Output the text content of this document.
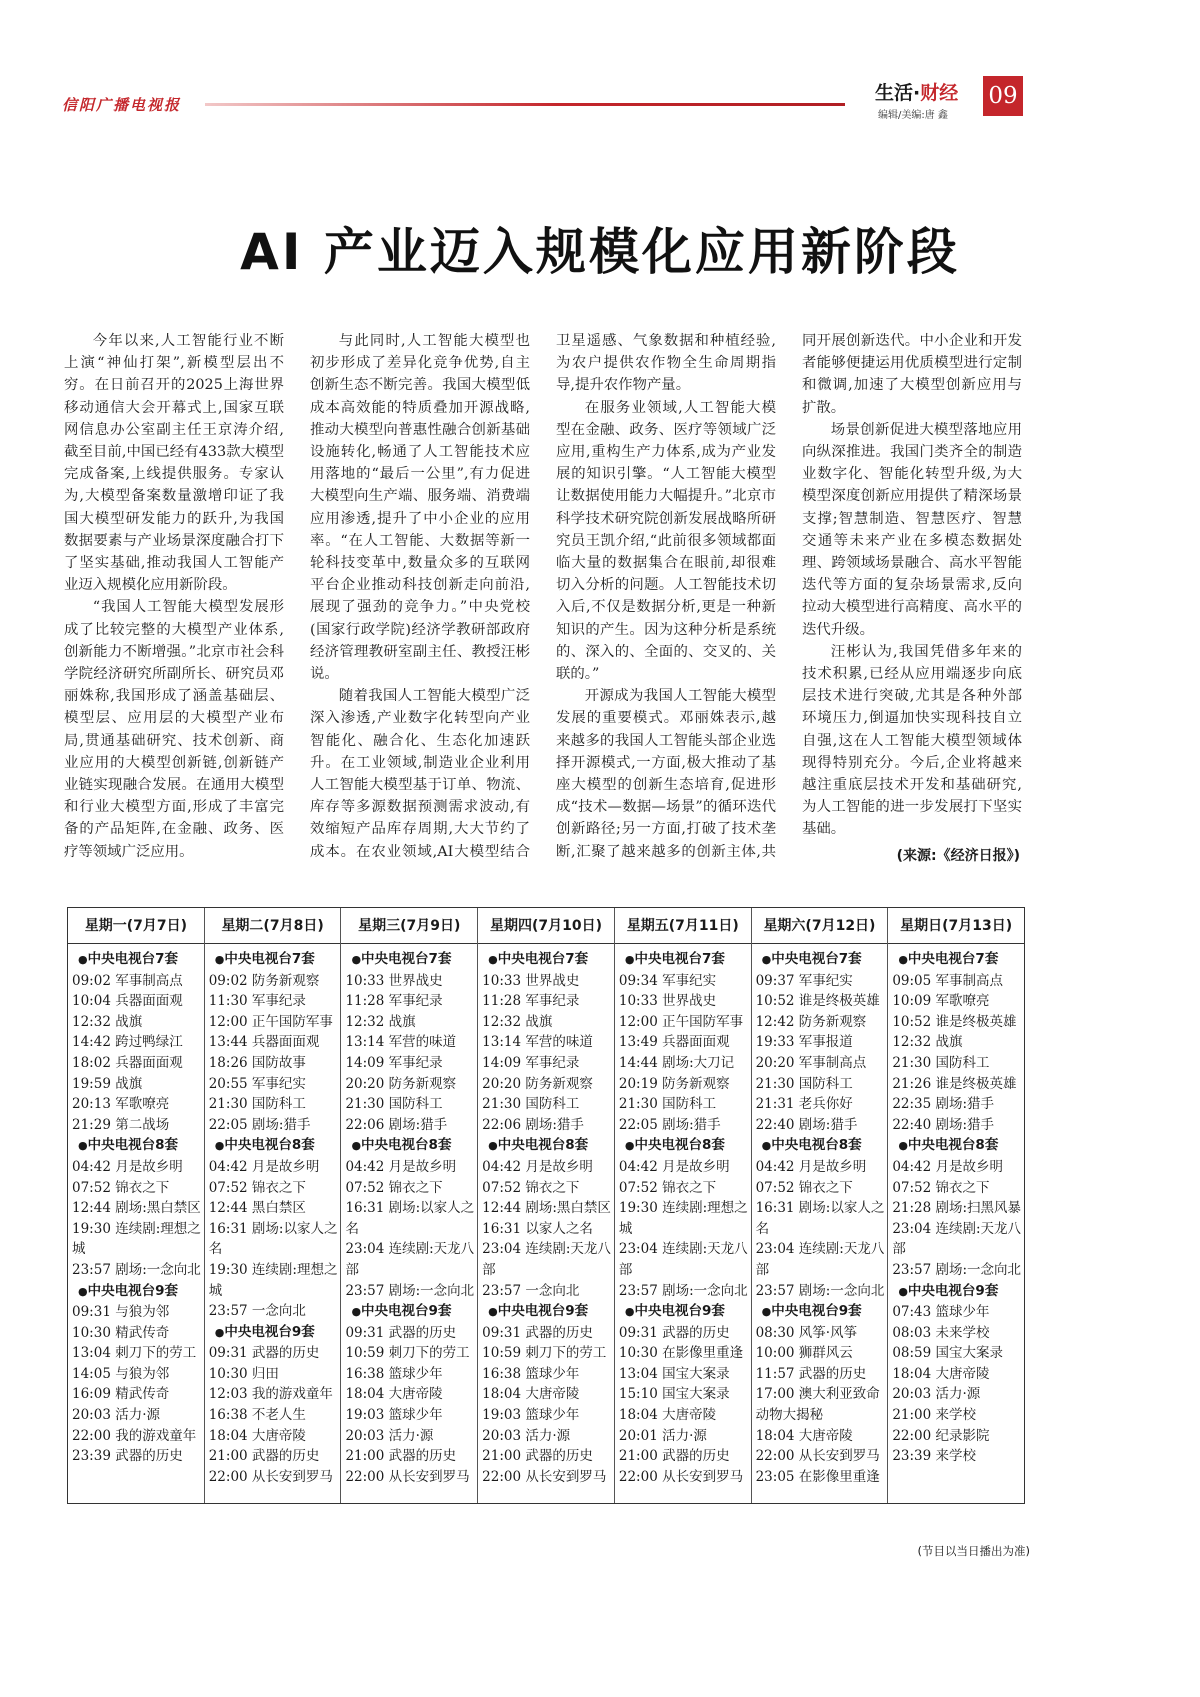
信阳广播电视报
生活·财经
编辑/美编:唐 鑫
09
AI 产业迈入规模化应用新阶段

今年以来,人工智能行业不断上演“神仙打架”,新模型层出不穷。在日前召开的2025上海世界移动通信大会开幕式上,国家互联网信息办公室副主任王京涛介绍,截至目前,中国已经有433款大模型完成备案,上线提供服务。专家认为,大模型备案数量激增印证了我国大模型研发能力的跃升,为我国数据要素与产业场景深度融合打下了坚实基础,推动我国人工智能产业迈入规模化应用新阶段。

“我国人工智能大模型发展形成了比较完整的大模型产业体系,创新能力不断增强。”北京市社会科学院经济研究所副所长、研究员邓丽姝称,我国形成了涵盖基础层、模型层、应用层的大模型产业布局,贯通基础研究、技术创新、商业应用的大模型创新链,创新链产业链实现融合发展。在通用大模型和行业大模型方面,形成了丰富完备的产品矩阵,在金融、政务、医疗等领域广泛应用。

与此同时,人工智能大模型也初步形成了差异化竞争优势,自主创新生态不断完善。我国大模型低成本高效能的特质叠加开源战略,推动大模型向普惠性融合创新基础设施转化,畅通了人工智能技术应用落地的“最后一公里”,有力促进大模型向生产端、服务端、消费端应用渗透,提升了中小企业的应用率。“在人工智能、大数据等新一轮科技变革中,数量众多的互联网平台企业推动科技创新走向前沿,展现了强劲的竞争力。”中央党校(国家行政学院)经济学教研部政府经济管理教研室副主任、教授汪彬说。

随着我国人工智能大模型广泛深入渗透,产业数字化转型向产业智能化、融合化、生态化加速跃升。在工业领域,制造业企业利用人工智能大模型基于订单、物流、库存等多源数据预测需求波动,有效缩短产品库存周期,大大节约了成本。在农业领域,AI大模型结合卫星遥感、气象数据和种植经验,为农户提供农作物全生命周期指导,提升农作物产量。

在服务业领域,人工智能大模型在金融、政务、医疗等领域广泛应用,重构生产力体系,成为产业发展的知识引擎。“人工智能大模型让数据使用能力大幅提升。”北京市科学技术研究院创新发展战略所研究员王凯介绍,“此前很多领域都面临大量的数据集合在眼前,却很难切入分析的问题。人工智能技术切入后,不仅是数据分析,更是一种新知识的产生。因为这种分析是系统的、深入的、全面的、交叉的、关联的。”

开源成为我国人工智能大模型发展的重要模式。邓丽姝表示,越来越多的我国人工智能头部企业选择开源模式,一方面,极大推动了基座大模型的创新生态培育,促进形成“技术—数据—场景”的循环迭代创新路径;另一方面,打破了技术垄断,汇聚了越来越多的创新主体,共同开展创新迭代。中小企业和开发者能够便捷运用优质模型进行定制和微调,加速了大模型创新应用与扩散。

场景创新促进大模型落地应用向纵深推进。我国门类齐全的制造业数字化、智能化转型升级,为大模型深度创新应用提供了精深场景支撑;智慧制造、智慧医疗、智慧交通等未来产业在多模态数据处理、跨领域场景融合、高水平智能迭代等方面的复杂场景需求,反向拉动大模型进行高精度、高水平的迭代升级。

汪彬认为,我国凭借多年来的技术积累,已经从应用端逐步向底层技术进行突破,尤其是各种外部环境压力,倒逼加快实现科技自立自强,这在人工智能大模型领域体现得特别充分。今后,企业将越来越注重底层技术开发和基础研究,为人工智能的进一步发展打下坚实基础。

(来源:《经济日报》)
星期一(7月7日)
●中央电视台7套
09:02 军事制高点
10:04 兵器面面观
12:32 战旗
14:42 跨过鸭绿江
18:02 兵器面面观
19:59 战旗
20:13 军歌嘹亮
21:29 第二战场
●中央电视台8套
04:42 月是故乡明
07:52 锦衣之下
12:44 剧场:黑白禁区
19:30 连续剧:理想之城
23:57 剧场:一念向北
●中央电视台9套
09:31 与狼为邻
10:30 精武传奇
13:04 刺刀下的劳工
14:05 与狼为邻
16:09 精武传奇
20:03 活力·源
22:00 我的游戏童年
23:39 武器的历史
星期二(7月8日)
●中央电视台7套
09:02 防务新观察
11:30 军事纪录
12:00 正午国防军事
13:44 兵器面面观
18:26 国防故事
20:55 军事纪实
21:30 国防科工
22:05 剧场:猎手
●中央电视台8套
04:42 月是故乡明
07:52 锦衣之下
12:44 黑白禁区
16:31 剧场:以家人之名
19:30 连续剧:理想之城
23:57 一念向北
●中央电视台9套
09:31 武器的历史
10:30 归田
12:03 我的游戏童年
16:38 不老人生
18:04 大唐帝陵
21:00 武器的历史
22:00 从长安到罗马
星期三(7月9日)
●中央电视台7套
10:33 世界战史
11:28 军事纪录
12:32 战旗
13:14 军营的味道
14:09 军事纪录
20:20 防务新观察
21:30 国防科工
22:06 剧场:猎手
●中央电视台8套
04:42 月是故乡明
07:52 锦衣之下
16:31 剧场:以家人之名
23:04 连续剧:天龙八部
23:57 剧场:一念向北
●中央电视台9套
09:31 武器的历史
10:59 刺刀下的劳工
16:38 篮球少年
18:04 大唐帝陵
19:03 篮球少年
20:03 活力·源
21:00 武器的历史
22:00 从长安到罗马
星期四(7月10日)
●中央电视台7套
10:33 世界战史
11:28 军事纪录
12:32 战旗
13:14 军营的味道
14:09 军事纪录
20:20 防务新观察
21:30 国防科工
22:06 剧场:猎手
●中央电视台8套
04:42 月是故乡明
07:52 锦衣之下
12:44 剧场:黑白禁区
16:31 以家人之名
23:04 连续剧:天龙八部
23:57 一念向北
●中央电视台9套
09:31 武器的历史
10:59 刺刀下的劳工
16:38 篮球少年
18:04 大唐帝陵
19:03 篮球少年
20:03 活力·源
21:00 武器的历史
22:00 从长安到罗马
星期五(7月11日)
●中央电视台7套
09:34 军事纪实
10:33 世界战史
12:00 正午国防军事
13:49 兵器面面观
14:44 剧场:大刀记
20:19 防务新观察
21:30 国防科工
22:05 剧场:猎手
●中央电视台8套
04:42 月是故乡明
07:52 锦衣之下
19:30 连续剧:理想之城
23:04 连续剧:天龙八部
23:57 剧场:一念向北
●中央电视台9套
09:31 武器的历史
10:30 在影像里重逢
13:04 国宝大案录
15:10 国宝大案录
18:04 大唐帝陵
20:01 活力·源
21:00 武器的历史
22:00 从长安到罗马
星期六(7月12日)
●中央电视台7套
09:37 军事纪实
10:52 谁是终极英雄
12:42 防务新观察
19:33 军事报道
20:20 军事制高点
21:30 国防科工
21:31 老兵你好
22:40 剧场:猎手
●中央电视台8套
04:42 月是故乡明
07:52 锦衣之下
16:31 剧场:以家人之名
23:04 连续剧:天龙八部
23:57 剧场:一念向北
●中央电视台9套
08:30 风筝·风筝
10:00 狮群风云
11:57 武器的历史
17:00 澳大利亚致命动物大揭秘
18:04 大唐帝陵
22:00 从长安到罗马
23:05 在影像里重逢
星期日(7月13日)
●中央电视台7套
09:05 军事制高点
10:09 军歌嘹亮
10:52 谁是终极英雄
12:32 战旗
21:30 国防科工
21:26 谁是终极英雄
22:35 剧场:猎手
22:40 剧场:猎手
●中央电视台8套
04:42 月是故乡明
07:52 锦衣之下
21:28 剧场:扫黑风暴
23:04 连续剧:天龙八部
23:57 剧场:一念向北
●中央电视台9套
07:43 篮球少年
08:03 未来学校
08:59 国宝大案录
18:04 大唐帝陵
20:03 活力·源
21:00 来学校
22:00 纪录影院
23:39 来学校
(节目以当日播出为准)
